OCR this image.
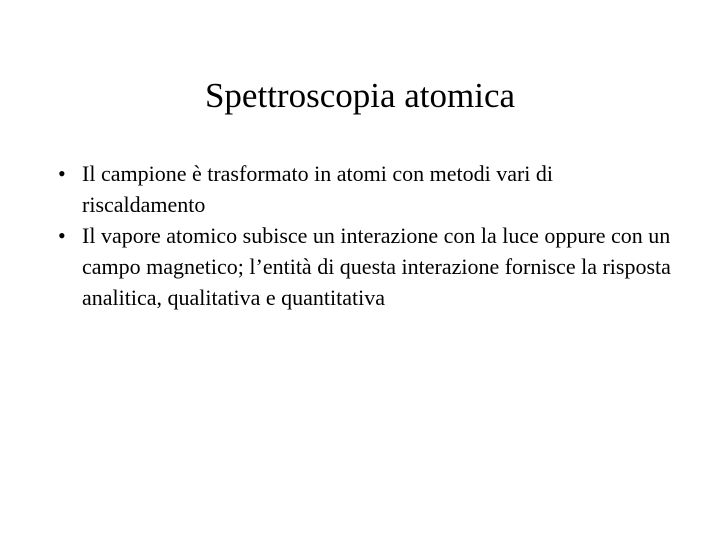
Spettroscopia atomica
• Il campione è trasformato in atomi con metodi vari di riscaldamento
• Il vapore atomico subisce un interazione con la luce oppure con un campo magnetico; l’entità di questa interazione fornisce la risposta analitica, qualitativa e quantitativa
